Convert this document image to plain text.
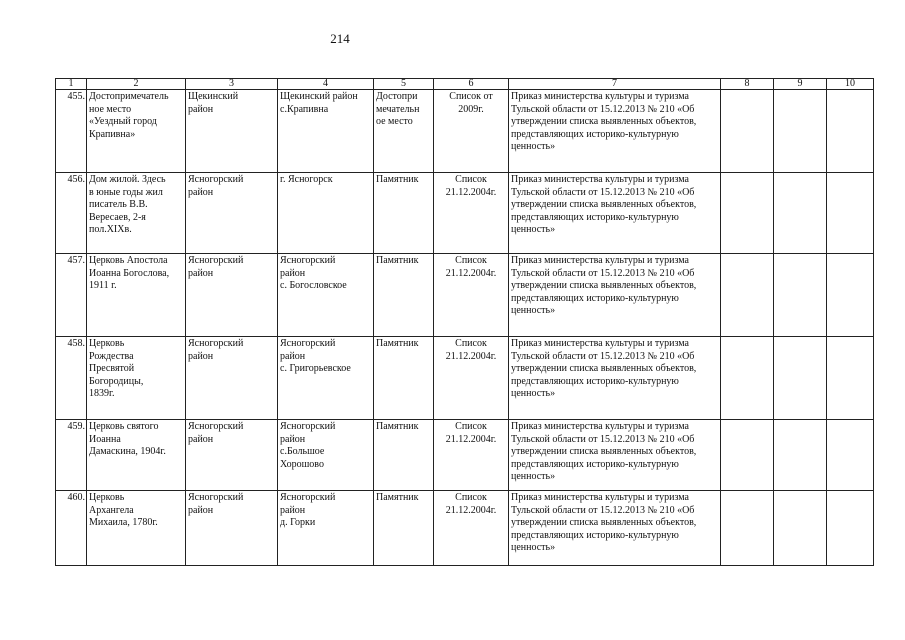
214
1	2	3	4	5	6	7	8	9	10
455.	Достопримечатель
ное место
«Уездный город
Крапивна»	Щекинский
район	Щекинский район
с.Крапивна	Достопри
мечательн
ое место	Список от
2009г.	Приказ министерства культуры и туризма
Тульской области от 15.12.2013 № 210 «Об
утверждении списка выявленных объектов,
представляющих историко-культурную
ценность»			
456.	Дом жилой. Здесь
в юные годы жил
писатель В.В.
Вересаев, 2-я
пол.XIXв.	Ясногорский
район	г. Ясногорск	Памятник	Список
21.12.2004г.	Приказ министерства культуры и туризма
Тульской области от 15.12.2013 № 210 «Об
утверждении списка выявленных объектов,
представляющих историко-культурную
ценность»			
457.	Церковь Апостола
Иоанна Богослова,
1911 г.	Ясногорский
район	Ясногорский
район
с. Богословское	Памятник	Список
21.12.2004г.	Приказ министерства культуры и туризма
Тульской области от 15.12.2013 № 210 «Об
утверждении списка выявленных объектов,
представляющих историко-культурную
ценность»			
458.	Церковь
Рождества
Пресвятой
Богородицы,
1839г.	Ясногорский
район	Ясногорский
район
с. Григорьевское	Памятник	Список
21.12.2004г.	Приказ министерства культуры и туризма
Тульской области от 15.12.2013 № 210 «Об
утверждении списка выявленных объектов,
представляющих историко-культурную
ценность»			
459.	Церковь святого
Иоанна
Дамаскина, 1904г.	Ясногорский
район	Ясногорский
район
с.Большое
Хорошово	Памятник	Список
21.12.2004г.	Приказ министерства культуры и туризма
Тульской области от 15.12.2013 № 210 «Об
утверждении списка выявленных объектов,
представляющих историко-культурную
ценность»			
460.	Церковь
Архангела
Михаила, 1780г.	Ясногорский
район	Ясногорский
район
д. Горки	Памятник	Список
21.12.2004г.	Приказ министерства культуры и туризма
Тульской области от 15.12.2013 № 210 «Об
утверждении списка выявленных объектов,
представляющих историко-культурную
ценность»			
